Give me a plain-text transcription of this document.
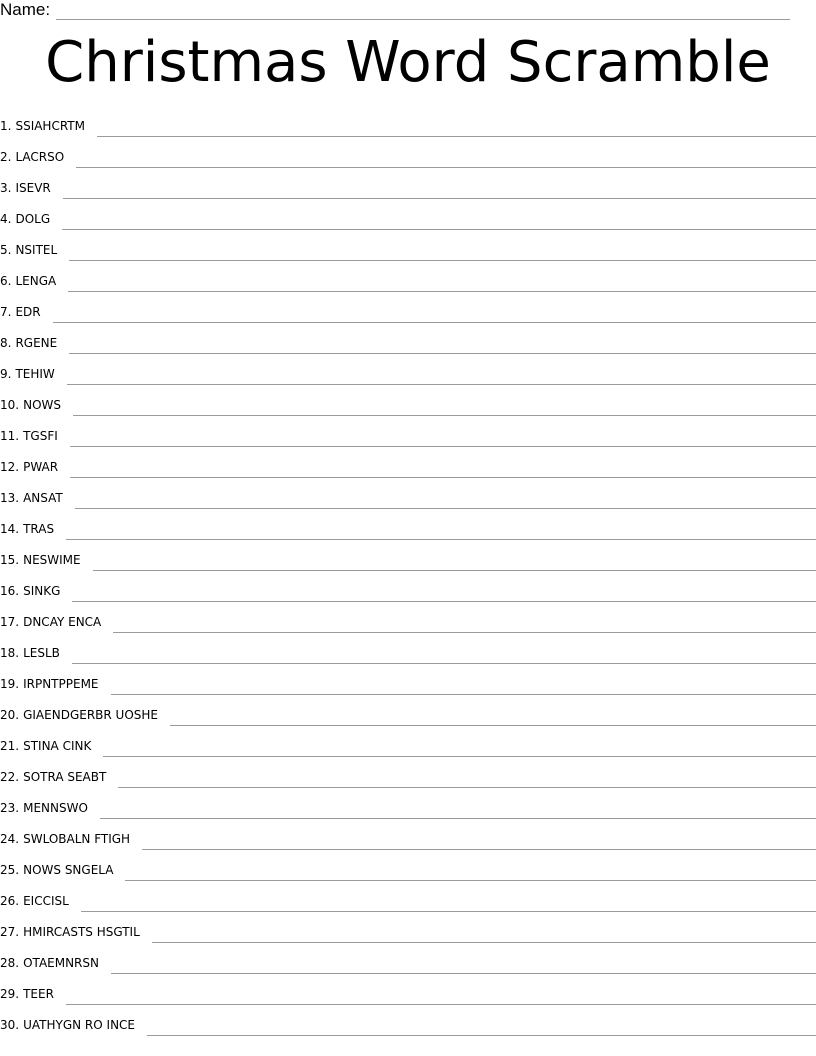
Name:
Christmas Word Scramble
1. SSIAHCRTM
2. LACRSO
3. ISEVR
4. DOLG
5. NSITEL
6. LENGA
7. EDR
8. RGENE
9. TEHIW
10. NOWS
11. TGSFI
12. PWAR
13. ANSAT
14. TRAS
15. NESWIME
16. SINKG
17. DNCAY ENCA
18. LESLB
19. IRPNTPPEME
20. GIAENDGERBR UOSHE
21. STINA CINK
22. SOTRA SEABT
23. MENNSWO
24. SWLOBALN FTIGH
25. NOWS SNGELA
26. EICCISL
27. HMIRCASTS HSGTIL
28. OTAEMNRSN
29. TEER
30. UATHYGN RO INCE
